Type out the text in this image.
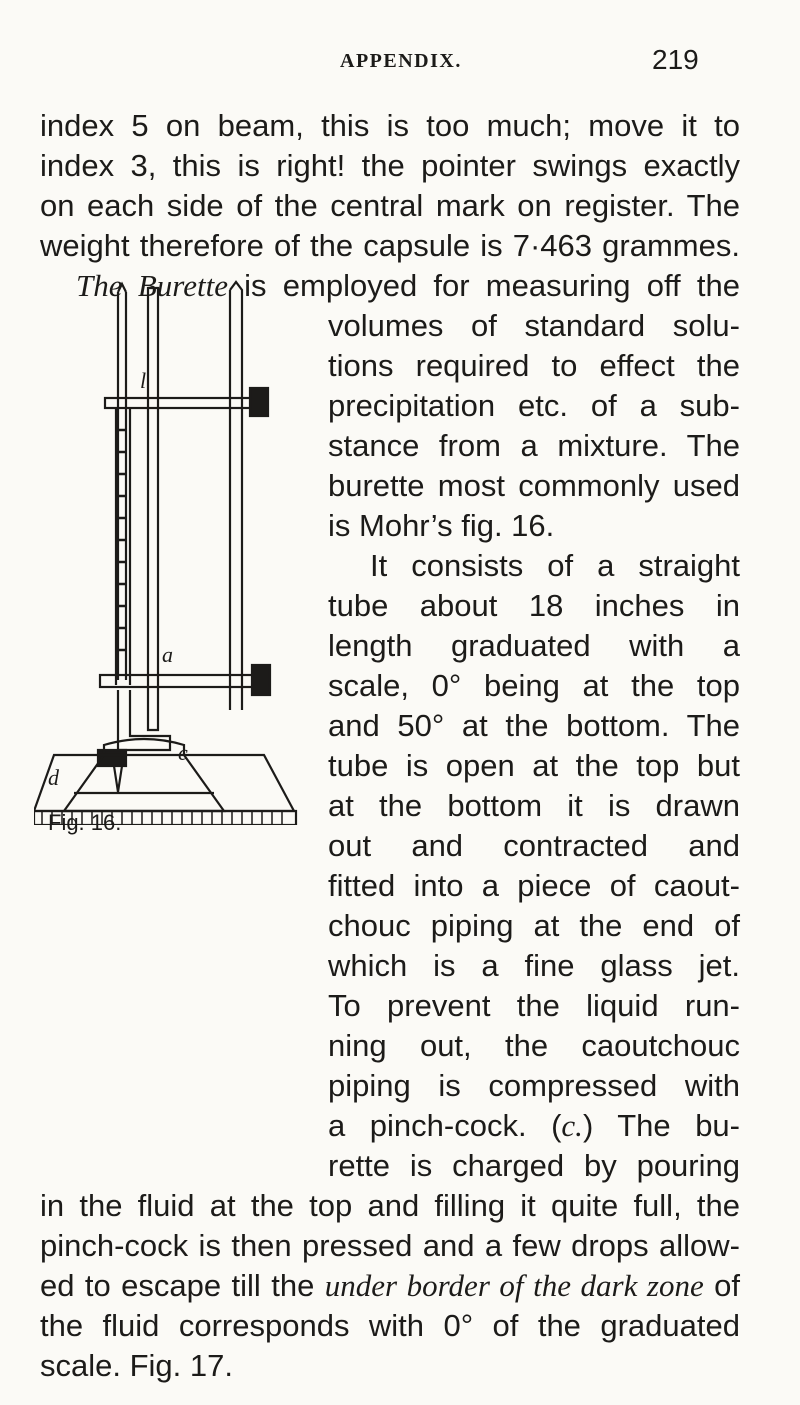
APPENDIX.	219
index 5 on beam, this is too much; move it to
index 3, this is right! the pointer swings exactly
on each side of the central mark on register. The
weight therefore of the capsule is 7·463 grammes.
The Burette is employed for measuring off the
volumes of standard solu-
tions required to effect the
precipitation etc. of a sub-
stance from a mixture. The
burette most commonly used
is Mohr’s fig. 16.
It consists of a straight
tube about 18 inches in
length graduated with a
scale, 0° being at the top
and 50° at the bottom. The
tube is open at the top but
at the bottom it is drawn
out and contracted and
fitted into a piece of caout-
chouc piping at the end of
which is a fine glass jet.
To prevent the liquid run-
ning out, the caoutchouc
piping is compressed with
a pinch-cock. (c.) The bu-
rette is charged by pouring
in the fluid at the top and filling it quite full, the
pinch-cock is then pressed and a few drops allow-
ed to escape till the under border of the dark zone of
the fluid corresponds with 0° of the graduated
scale. Fig. 17.
l
a
c
Fig. 16.
d
